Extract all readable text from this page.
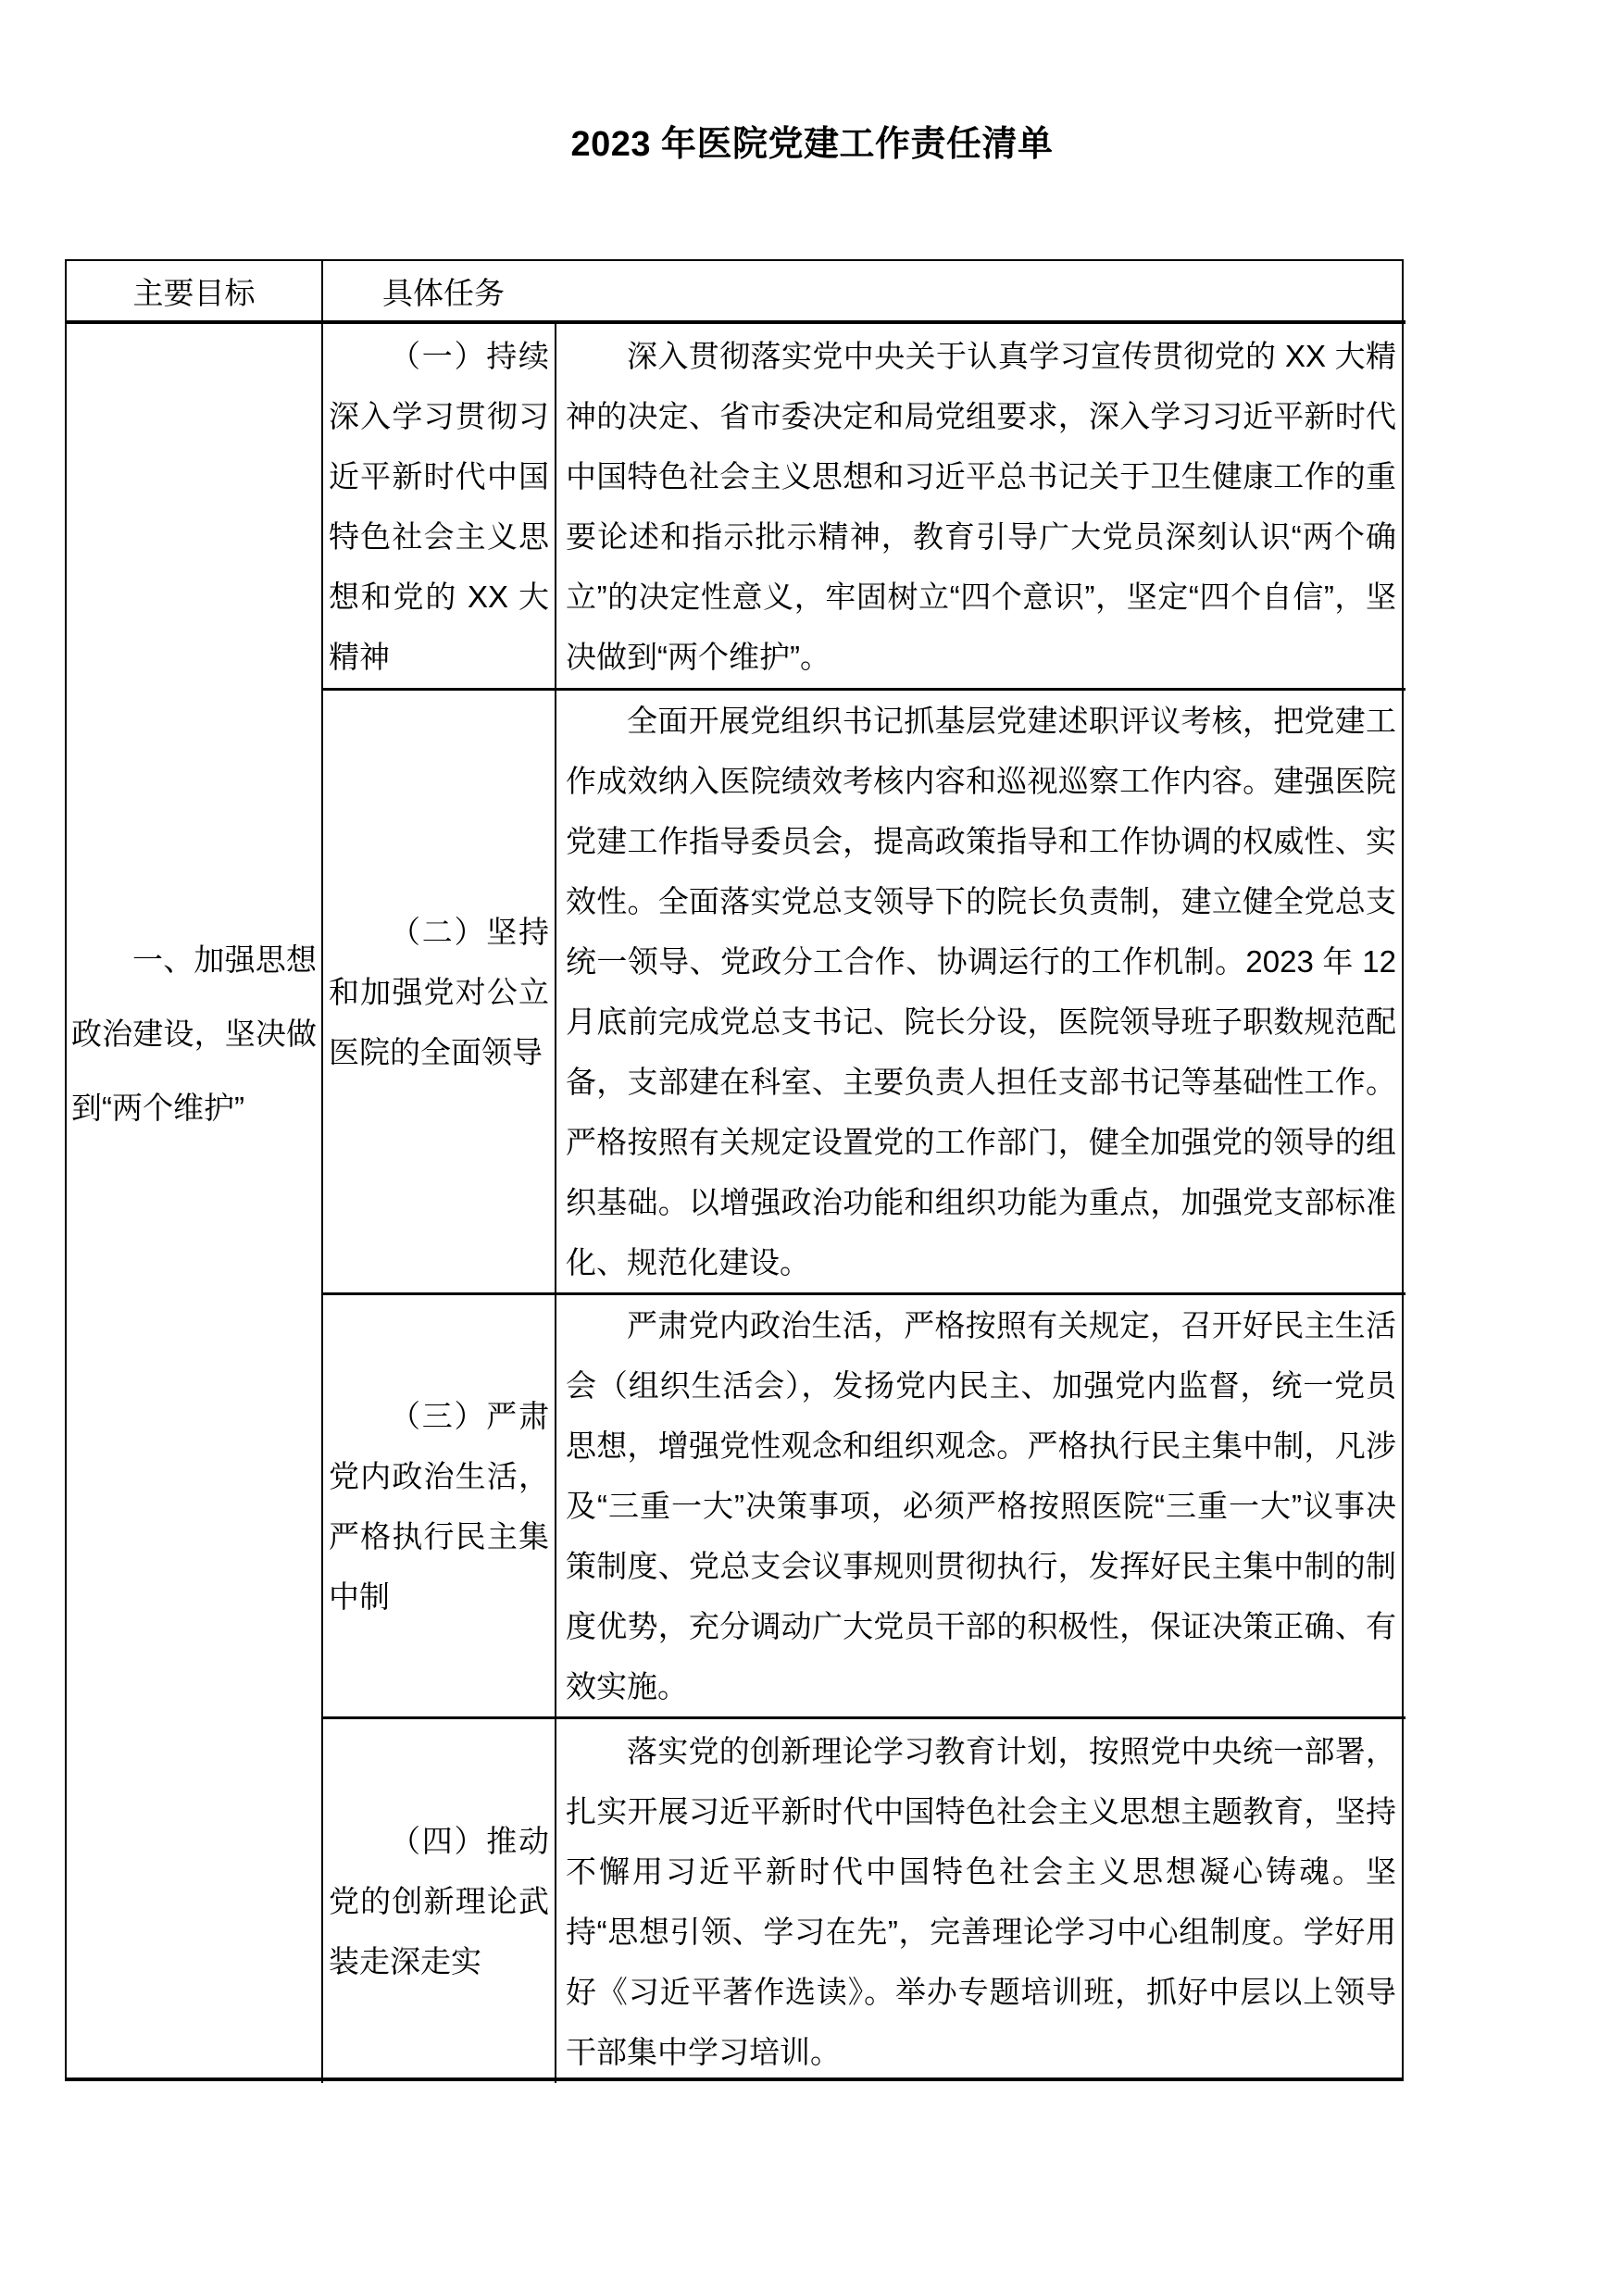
2023 年医院党建工作责任清单
主要目标	具体任务
一、加强思想政治建设，坚决做到“两个维护”

（一）持续深入学习贯彻习近平新时代中国特色社会主义思想和党的 XX 大精神

深入贯彻落实党中央关于认真学习宣传贯彻党的 XX 大精神的决定、省市委决定和局党组要求，深入学习习近平新时代中国特色社会主义思想和习近平总书记关于卫生健康工作的重要论述和指示批示精神，教育引导广大党员深刻认识“两个确立”的决定性意义，牢固树立“四个意识”，坚定“四个自信”，坚决做到“两个维护”。

（二）坚持和加强党对公立医院的全面领导

全面开展党组织书记抓基层党建述职评议考核，把党建工作成效纳入医院绩效考核内容和巡视巡察工作内容。建强医院党建工作指导委员会，提高政策指导和工作协调的权威性、实效性。全面落实党总支领导下的院长负责制，建立健全党总支统一领导、党政分工合作、协调运行的工作机制。2023 年 12 月底前完成党总支书记、院长分设，医院领导班子职数规范配备，支部建在科室、主要负责人担任支部书记等基础性工作。严格按照有关规定设置党的工作部门，健全加强党的领导的组织基础。以增强政治功能和组织功能为重点，加强党支部标准化、规范化建设。

（三）严肃党内政治生活，严格执行民主集中制

严肃党内政治生活，严格按照有关规定，召开好民主生活会（组织生活会），发扬党内民主、加强党内监督，统一党员思想，增强党性观念和组织观念。严格执行民主集中制，凡涉及“三重一大”决策事项，必须严格按照医院“三重一大”议事决策制度、党总支会议事规则贯彻执行，发挥好民主集中制的制度优势，充分调动广大党员干部的积极性，保证决策正确、有效实施。

（四）推动党的创新理论武装走深走实

落实党的创新理论学习教育计划，按照党中央统一部署，扎实开展习近平新时代中国特色社会主义思想主题教育，坚持不懈用习近平新时代中国特色社会主义思想凝心铸魂。坚持“思想引领、学习在先”，完善理论学习中心组制度。学好用好《习近平著作选读》。举办专题培训班，抓好中层以上领导干部集中学习培训。
